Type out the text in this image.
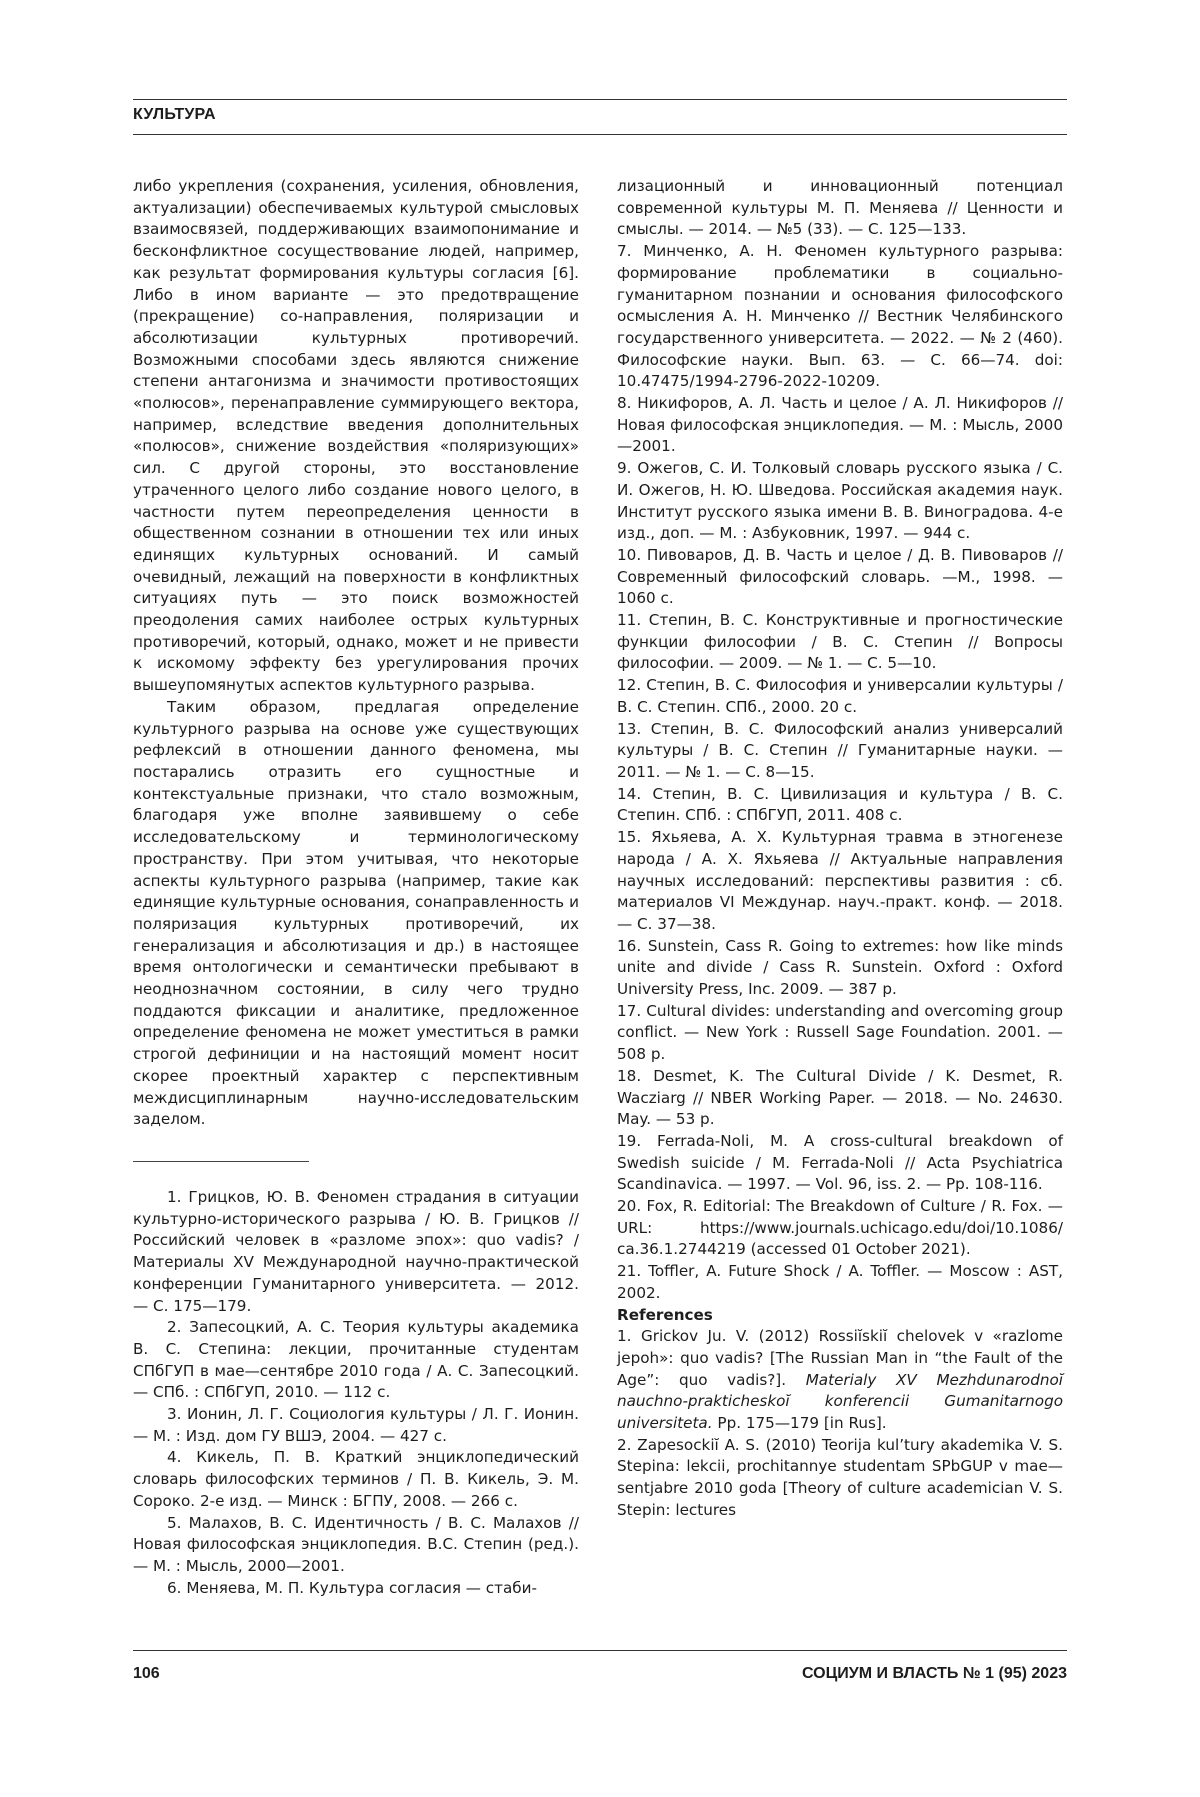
КУЛЬТУРА

либо укрепления (сохранения, усиления, обновления, актуализации) обеспечиваемых культурой смысловых взаимосвязей, поддерживающих взаимопонимание и бесконфликтное сосуществование людей, например, как результат формирования культуры согласия [6]. Либо в ином варианте — это предотвращение (прекращение) со-направления, поляризации и абсолютизации культурных противоречий. Возможными способами здесь являются снижение степени антагонизма и значимости противостоящих «полюсов», перенаправление суммирующего вектора, например, вследствие введения дополнительных «полюсов», снижение воздействия «поляризующих» сил. С другой стороны, это восстановление утраченного целого либо создание нового целого, в частности путем переопределения ценности в общественном сознании в отношении тех или иных единящих культурных оснований. И самый очевидный, лежащий на поверхности в конфликтных ситуациях путь — это поиск возможностей преодоления самих наиболее острых культурных противоречий, который, однако, может и не привести к искомому эффекту без урегулирования прочих вышеупомянутых аспектов культурного разрыва.

Таким образом, предлагая определение культурного разрыва на основе уже существующих рефлексий в отношении данного феномена, мы постарались отразить его сущностные и контекстуальные признаки, что стало возможным, благодаря уже вполне заявившему о себе исследовательскому и терминологическому пространству. При этом учитывая, что некоторые аспекты культурного разрыва (например, такие как единящие культурные основания, сонаправленность и поляризация культурных противоречий, их генерализация и абсолютизация и др.) в настоящее время онтологически и семантически пребывают в неоднозначном состоянии, в силу чего трудно поддаются фиксации и аналитике, предложенное определение феномена не может уместиться в рамки строгой дефиниции и на настоящий момент носит скорее проектный характер с перспективным междисциплинарным научно-исследовательским заделом.

1. Грицков, Ю. В. Феномен страдания в ситуации культурно-исторического разрыва / Ю. В. Грицков // Российский человек в «разломе эпох»: quo vadis? / Материалы XV Международной научно-практической конференции Гуманитарного университета. — 2012. — С. 175—179.

2. Запесоцкий, А. С. Теория культуры академика В. С. Степина: лекции, прочитанные студентам СПбГУП в мае—сентябре 2010 года / А. С. Запесоцкий. — СПб. : СПбГУП, 2010. — 112 с.

3. Ионин, Л. Г. Социология культуры / Л. Г. Ионин. — М. : Изд. дом ГУ ВШЭ, 2004. — 427 с.

4. Кикель, П. В. Краткий энциклопедический словарь философских терминов / П. В. Кикель, Э. М. Сороко. 2-е изд. — Минск : БГПУ, 2008. — 266 с.

5. Малахов, В. С. Идентичность / В. С. Малахов // Новая философская энциклопедия. В.С. Степин (ред.). — М. : Мысль, 2000—2001.

6. Меняева, М. П. Культура согласия — стаби-

лизационный и инновационный потенциал современной культуры М. П. Меняева // Ценности и смыслы. — 2014. — №5 (33). — С. 125—133.

7. Минченко, А. Н. Феномен культурного разрыва: формирование проблематики в социально-гуманитарном познании и основания философского осмысления А. Н. Минченко // Вестник Челябинского государственного университета. — 2022. — № 2 (460). Философские науки. Вып. 63. — С. 66—74. doi: 10.47475/1994-2796-2022-10209.

8. Никифоров, А. Л. Часть и целое / А. Л. Никифоров // Новая философская энциклопедия. — М. : Мысль, 2000—2001.

9. Ожегов, С. И. Толковый словарь русского языка / С. И. Ожегов, Н. Ю. Шведова. Российская академия наук. Институт русского языка имени В. В. Виноградова. 4-е изд., доп. — М. : Азбуковник, 1997. — 944 с.

10. Пивоваров, Д. В. Часть и целое / Д. В. Пивоваров // Современный философский словарь. —М., 1998. — 1060 с.

11. Степин, В. С. Конструктивные и прогностические функции философии / В. С. Степин // Вопросы философии. — 2009. — № 1. — С. 5—10.

12. Степин, В. С. Философия и универсалии культуры / В. С. Степин. СПб., 2000. 20 с.

13. Степин, В. С. Философский анализ универсалий культуры / В. С. Степин // Гуманитарные науки. — 2011. — № 1. — С. 8—15.

14. Степин, В. С. Цивилизация и культура / В. С. Степин. СПб. : СПбГУП, 2011. 408 с.

15. Яхьяева, А. Х. Культурная травма в этногенезе народа / А. Х. Яхьяева // Актуальные направления научных исследований: перспективы развития : сб. материалов VI Междунар. науч.-практ. конф. — 2018. — С. 37—38.

16. Sunstein, Cass R. Going to extremes: how like minds unite and divide / Cass R. Sunstein. Oxford : Oxford University Press, Inc. 2009. — 387 p.

17. Cultural divides: understanding and overcoming group conflict. — New York : Russell Sage Foundation. 2001. — 508 p.

18. Desmet, K. The Cultural Divide / K. Desmet, R. Wacziarg // NBER Working Paper. — 2018. — No. 24630. May. — 53 p.

19. Ferrada-Noli, M. A cross-cultural breakdown of Swedish suicide / M. Ferrada-Noli // Acta Psychiatrica Scandinavica. — 1997. — Vol. 96, iss. 2. — Pp. 108-116.

20. Fox, R. Editorial: The Breakdown of Culture / R. Fox. — URL: https://www.journals.uchicago.edu/doi/10.1086/ ca.36.1.2744219 (accessed 01 October 2021).

21. Toffler, A. Future Shock / A. Toffler. — Moscow : AST, 2002.

References

1. Grickov Ju. V. (2012) Rossiĭskiĭ chelovek v «razlome jepoh»: quo vadis? [The Russian Man in “the Fault of the Age”: quo vadis?]. Materialy XV Mezhdunarodnoĭ nauchno-prakticheskoĭ konferencii Gumanitarnogo universiteta. Pp. 175—179 [in Rus].

2. Zapesockiĭ A. S. (2010) Teorija kul’tury akademika V. S. Stepina: lekcii, prochitannye studentam SPbGUP v mae—sentjabre 2010 goda [Theory of culture academician V. S. Stepin: lectures

106	СОЦИУМ И ВЛАСТЬ № 1 (95) 2023
